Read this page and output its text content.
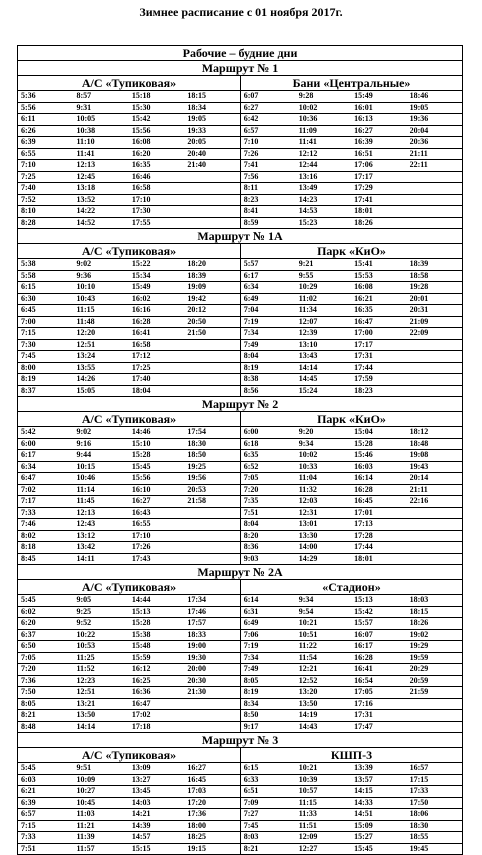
Зимнее расписание с 01 ноября 2017г.
Рабочие – будние дни
Маршрут № 1
А/С «Тупиковая»	Бани «Центральные»
5:36	8:57	15:18	18:15	6:07	9:28	15:49	18:46
5:56	9:31	15:30	18:34	6:27	10:02	16:01	19:05
6:11	10:05	15:42	19:05	6:42	10:36	16:13	19:36
6:26	10:38	15:56	19:33	6:57	11:09	16:27	20:04
6:39	11:10	16:08	20:05	7:10	11:41	16:39	20:36
6:55	11:41	16:20	20:40	7:26	12:12	16:51	21:11
7:10	12:13	16:35	21:40	7:41	12:44	17:06	22:11
7:25	12:45	16:46	7:56	13:16	17:17
7:40	13:18	16:58	8:11	13:49	17:29
7:52	13:52	17:10	8:23	14:23	17:41
8:10	14:22	17:30	8:41	14:53	18:01
8:28	14:52	17:55	8:59	15:23	18:26
Маршрут № 1А
А/С «Тупиковая»	Парк «КиО»
5:38	9:02	15:22	18:20	5:57	9:21	15:41	18:39
5:58	9:36	15:34	18:39	6:17	9:55	15:53	18:58
6:15	10:10	15:49	19:09	6:34	10:29	16:08	19:28
6:30	10:43	16:02	19:42	6:49	11:02	16:21	20:01
6:45	11:15	16:16	20:12	7:04	11:34	16:35	20:31
7:00	11:48	16:28	20:50	7:19	12:07	16:47	21:09
7:15	12:20	16:41	21:50	7:34	12:39	17:00	22:09
7:30	12:51	16:58	7:49	13:10	17:17
7:45	13:24	17:12	8:04	13:43	17:31
8:00	13:55	17:25	8:19	14:14	17:44
8:19	14:26	17:40	8:38	14:45	17:59
8:37	15:05	18:04	8:56	15:24	18:23
Маршрут № 2
А/С «Тупиковая»	Парк «КиО»
5:42	9:02	14:46	17:54	6:00	9:20	15:04	18:12
6:00	9:16	15:10	18:30	6:18	9:34	15:28	18:48
6:17	9:44	15:28	18:50	6:35	10:02	15:46	19:08
6:34	10:15	15:45	19:25	6:52	10:33	16:03	19:43
6:47	10:46	15:56	19:56	7:05	11:04	16:14	20:14
7:02	11:14	16:10	20:53	7:20	11:32	16:28	21:11
7:17	11:45	16:27	21:58	7:35	12:03	16:45	22:16
7:33	12:13	16:43	7:51	12:31	17:01
7:46	12:43	16:55	8:04	13:01	17:13
8:02	13:12	17:10	8:20	13:30	17:28
8:18	13:42	17:26	8:36	14:00	17:44
8:45	14:11	17:43	9:03	14:29	18:01
Маршрут № 2А
А/С «Тупиковая»	«Стадион»
5:45	9:05	14:44	17:34	6:14	9:34	15:13	18:03
6:02	9:25	15:13	17:46	6:31	9:54	15:42	18:15
6:20	9:52	15:28	17:57	6:49	10:21	15:57	18:26
6:37	10:22	15:38	18:33	7:06	10:51	16:07	19:02
6:50	10:53	15:48	19:00	7:19	11:22	16:17	19:29
7:05	11:25	15:59	19:30	7:34	11:54	16:28	19:59
7:20	11:52	16:12	20:00	7:49	12:21	16:41	20:29
7:36	12:23	16:25	20:30	8:05	12:52	16:54	20:59
7:50	12:51	16:36	21:30	8:19	13:20	17:05	21:59
8:05	13:21	16:47	8:34	13:50	17:16
8:21	13:50	17:02	8:50	14:19	17:31
8:48	14:14	17:18	9:17	14:43	17:47
Маршрут № 3
А/С «Тупиковая»	КШП-3
5:45	9:51	13:09	16:27	6:15	10:21	13:39	16:57
6:03	10:09	13:27	16:45	6:33	10:39	13:57	17:15
6:21	10:27	13:45	17:03	6:51	10:57	14:15	17:33
6:39	10:45	14:03	17:20	7:09	11:15	14:33	17:50
6:57	11:03	14:21	17:36	7:27	11:33	14:51	18:06
7:15	11:21	14:39	18:00	7:45	11:51	15:09	18:30
7:33	11:39	14:57	18:25	8:03	12:09	15:27	18:55
7:51	11:57	15:15	19:15	8:21	12:27	15:45	19:45
